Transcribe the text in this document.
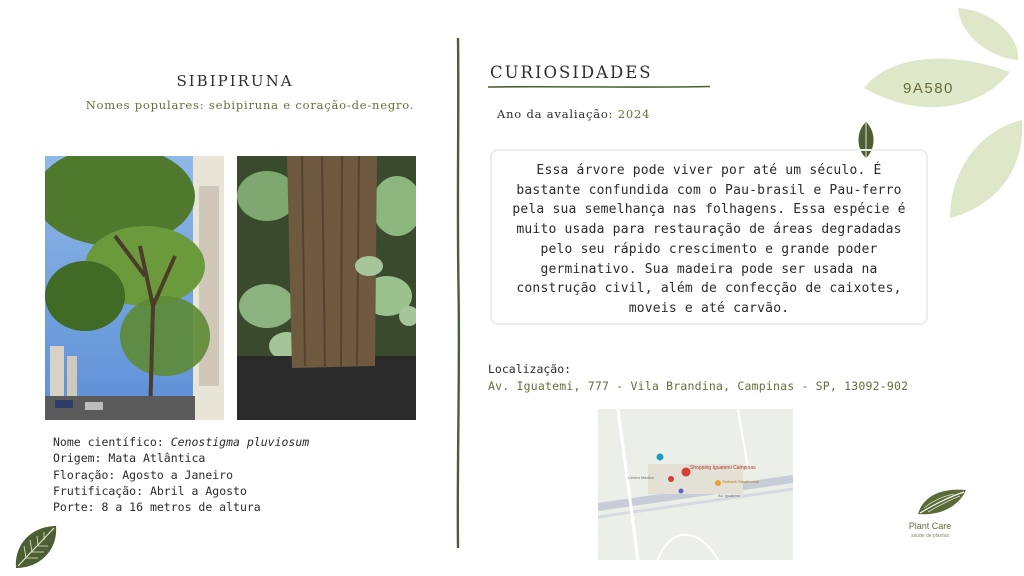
SIBIPIRUNA
Nomes populares: sebipiruna e coração-de-negro.
Nome científico: Cenostigma pluviosum
Origem: Mata Atlântica
Floração: Agosto a Janeiro
Frutificação: Abril a Agosto
Porte: 8 a 16 metros de altura
CURIOSIDADES
Ano da avaliação: 2024
Essa árvore pode viver por até um século. É bastante confundida com o Pau-brasil e Pau-ferro pela sua semelhança nas folhagens. Essa espécie é muito usada para restauração de áreas degradadas pelo seu rápido crescimento e grande poder germinativo. Sua madeira pode ser usada na construção civil, além de confecção de caixotes, moveis e até carvão.
Localização:
Av. Iguatemi, 777 - Vila Brandina, Campinas - SP, 13092-902
Shopping Iguatemi Campinas
Outback Steakhouse
Centro Médico
Av. Iguatemi
9A580
Plant Care
saúde de plantas
